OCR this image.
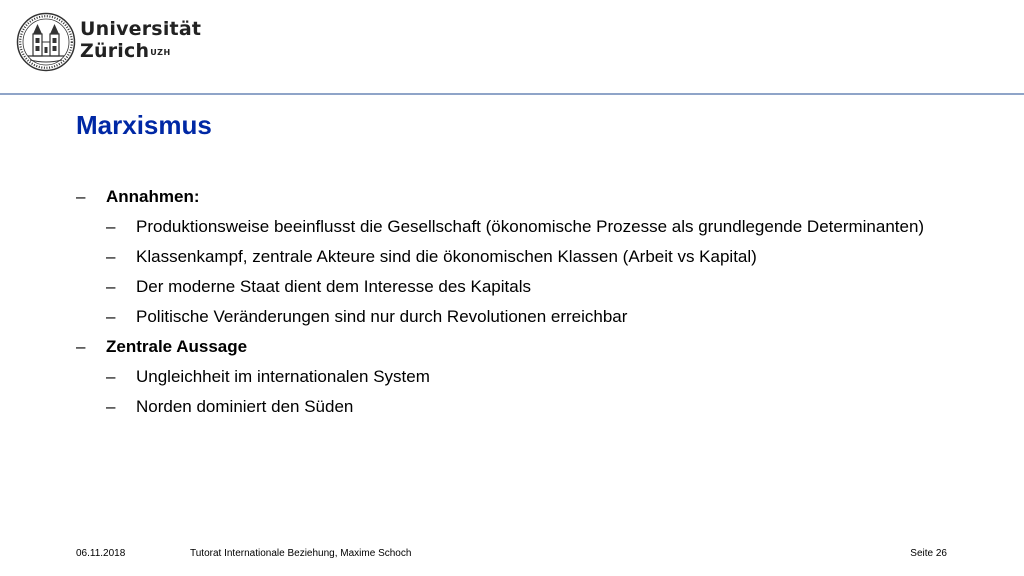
Universität
Zürich$^{UZH}$
Marxismus
– Annahmen:
– Produktionsweise beeinflusst die Gesellschaft (ökonomische Prozesse als grundlegende Determinanten)
– Klassenkampf, zentrale Akteure sind die ökonomischen Klassen (Arbeit vs Kapital)
– Der moderne Staat dient dem Interesse des Kapitals
– Politische Veränderungen sind nur durch Revolutionen erreichbar
– Zentrale Aussage
– Ungleichheit im internationalen System
– Norden dominiert den Süden
06.11.2018	Tutorat Internationale Beziehung, Maxime Schoch	Seite 26
